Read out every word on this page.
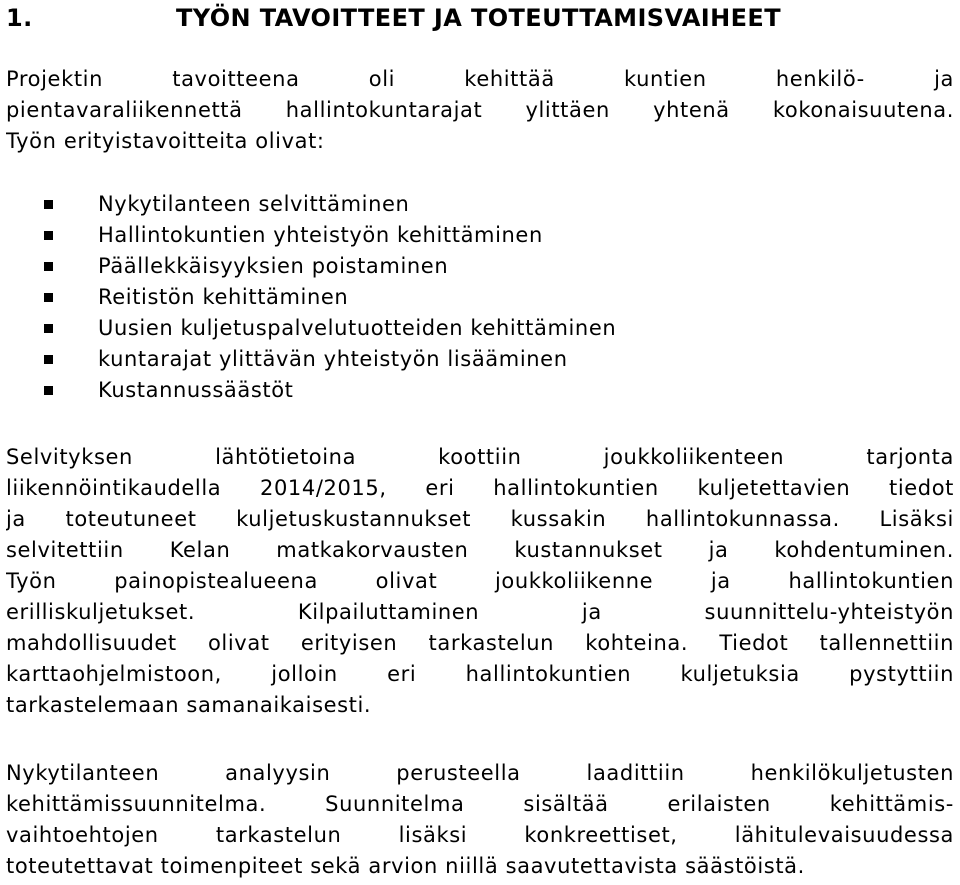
1.	TYÖN TAVOITTEET JA TOTEUTTAMISVAIHEET
Projektin tavoitteena oli kehittää kuntien henkilö- ja
pientavaraliikennettä hallintokuntarajat ylittäen yhtenä kokonaisuutena.
Työn erityistavoitteita olivat:
Nykytilanteen selvittäminen
Hallintokuntien yhteistyön kehittäminen
Päällekkäisyyksien poistaminen
Reitistön kehittäminen
Uusien kuljetuspalvelutuotteiden kehittäminen
kuntarajat ylittävän yhteistyön lisääminen
Kustannussäästöt
Selvityksen lähtötietoina koottiin joukkoliikenteen tarjonta
liikennöintikaudella 2014/2015, eri hallintokuntien kuljetettavien tiedot
ja toteutuneet kuljetuskustannukset kussakin hallintokunnassa. Lisäksi
selvitettiin Kelan matkakorvausten kustannukset ja kohdentuminen.
Työn painopistealueena olivat joukkoliikenne ja hallintokuntien
erilliskuljetukset. Kilpailuttaminen ja suunnittelu-yhteistyön
mahdollisuudet olivat erityisen tarkastelun kohteina. Tiedot tallennettiin
karttaohjelmistoon, jolloin eri hallintokuntien kuljetuksia pystyttiin
tarkastelemaan samanaikaisesti.
Nykytilanteen analyysin perusteella laadittiin henkilökuljetusten
kehittämissuunnitelma. Suunnitelma sisältää erilaisten kehittämis-
vaihtoehtojen tarkastelun lisäksi konkreettiset, lähitulevaisuudessa
toteutettavat toimenpiteet sekä arvion niillä saavutettavista säästöistä.
